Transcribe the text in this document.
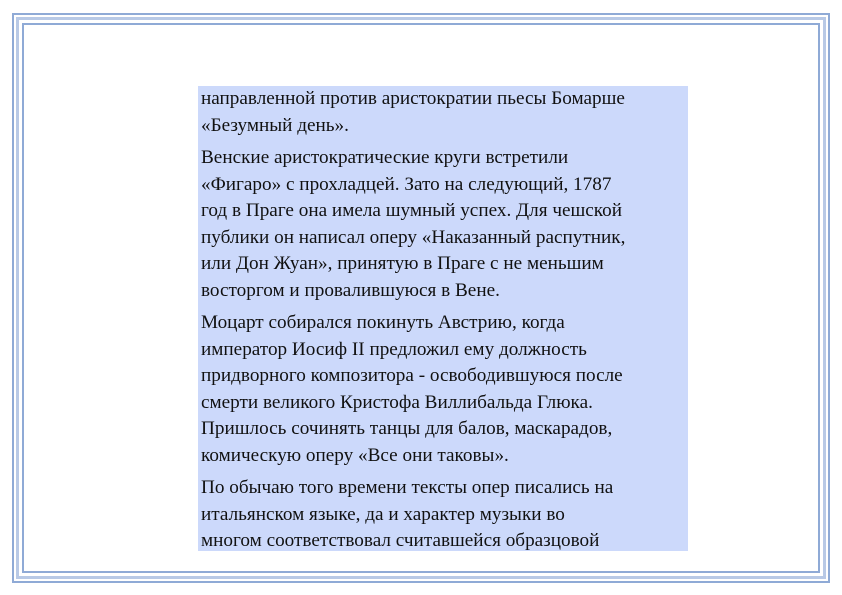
направленной против аристократии пьесы Бомарше
«Безумный день».

Венские аристократические круги встретили
«Фигаро» с прохладцей. Зато на следующий, 1787
год в Праге она имела шумный успех. Для чешской
публики он написал оперу «Наказанный распутник,
или Дон Жуан», принятую в Праге с не меньшим
восторгом и провалившуюся в Вене.

Моцарт собирался покинуть Австрию, когда
император Иосиф II предложил ему должность
придворного композитора - освободившуюся после
смерти великого Кристофа Виллибальда Глюка.
Пришлось сочинять танцы для балов, маскарадов,
комическую оперу «Все они таковы».

По обычаю того времени тексты опер писались на
итальянском языке, да и характер музыки во
многом соответствовал считавшейся образцовой
